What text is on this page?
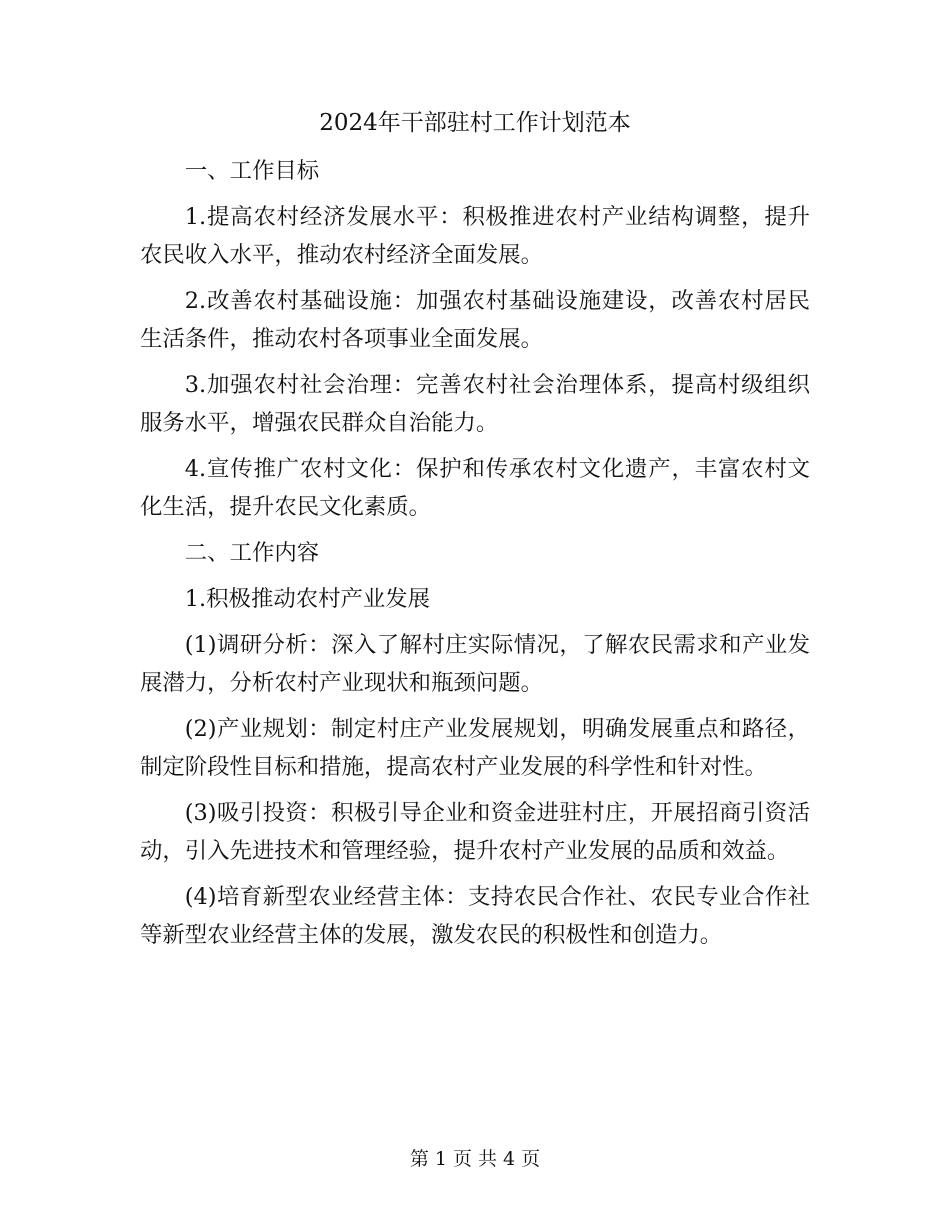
2024年干部驻村工作计划范本

一、工作目标

1.提高农村经济发展水平：积极推进农村产业结构调整，提升农民收入水平，推动农村经济全面发展。

2.改善农村基础设施：加强农村基础设施建设，改善农村居民生活条件，推动农村各项事业全面发展。

3.加强农村社会治理：完善农村社会治理体系，提高村级组织服务水平，增强农民群众自治能力。

4.宣传推广农村文化：保护和传承农村文化遗产，丰富农村文化生活，提升农民文化素质。

二、工作内容

1.积极推动农村产业发展

(1)调研分析：深入了解村庄实际情况，了解农民需求和产业发展潜力，分析农村产业现状和瓶颈问题。

(2)产业规划：制定村庄产业发展规划，明确发展重点和路径，制定阶段性目标和措施，提高农村产业发展的科学性和针对性。

(3)吸引投资：积极引导企业和资金进驻村庄，开展招商引资活动，引入先进技术和管理经验，提升农村产业发展的品质和效益。

(4)培育新型农业经营主体：支持农民合作社、农民专业合作社等新型农业经营主体的发展，激发农民的积极性和创造力。

第 1 页 共 4 页
